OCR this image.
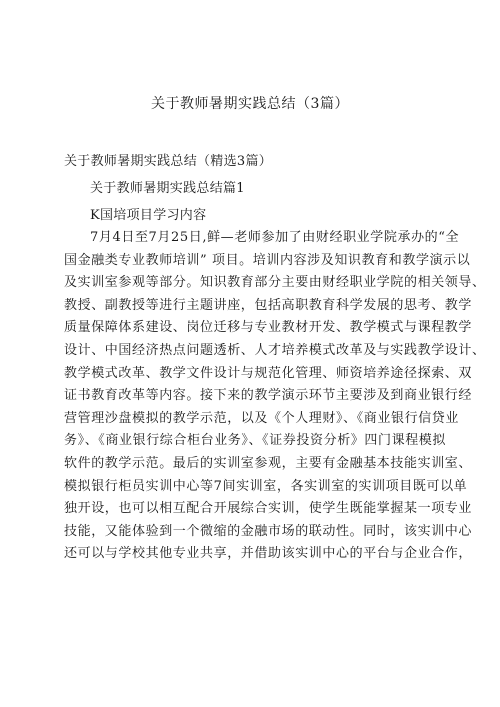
关于教师暑期实践总结（3篇）
关于教师暑期实践总结（精选3篇）
关于教师暑期实践总结篇1
K国培项目学习内容
7月4日至7月25日,鲜—老师参加了由财经职业学院承办的“全
国金融类专业教师培训” 项目。培训内容涉及知识教育和教学演示以
及实训室参观等部分。知识教育部分主要由财经职业学院的相关领导、
教授、副教授等进行主题讲座，包括高职教育科学发展的思考、教学
质量保障体系建设、岗位迁移与专业教材开发、教学模式与课程教学
设计、中国经济热点问题透析、人才培养模式改革及与实践教学设计、
教学模式改革、教学文件设计与规范化管理、师资培养途径探索、双
证书教育改革等内容。接下来的教学演示环节主要涉及到商业银行经
营管理沙盘模拟的教学示范，以及《个人理财》、《商业银行信贷业
务》、《商业银行综合柜台业务》、《证券投资分析》四门课程模拟
软件的教学示范。最后的实训室参观，主要有金融基本技能实训室、
模拟银行柜员实训中心等7间实训室，各实训室的实训项目既可以单
独开设，也可以相互配合开展综合实训，使学生既能掌握某一项专业
技能，又能体验到一个微缩的金融市场的联动性。同时，该实训中心
还可以与学校其他专业共享，并借助该实训中心的平台与企业合作，
